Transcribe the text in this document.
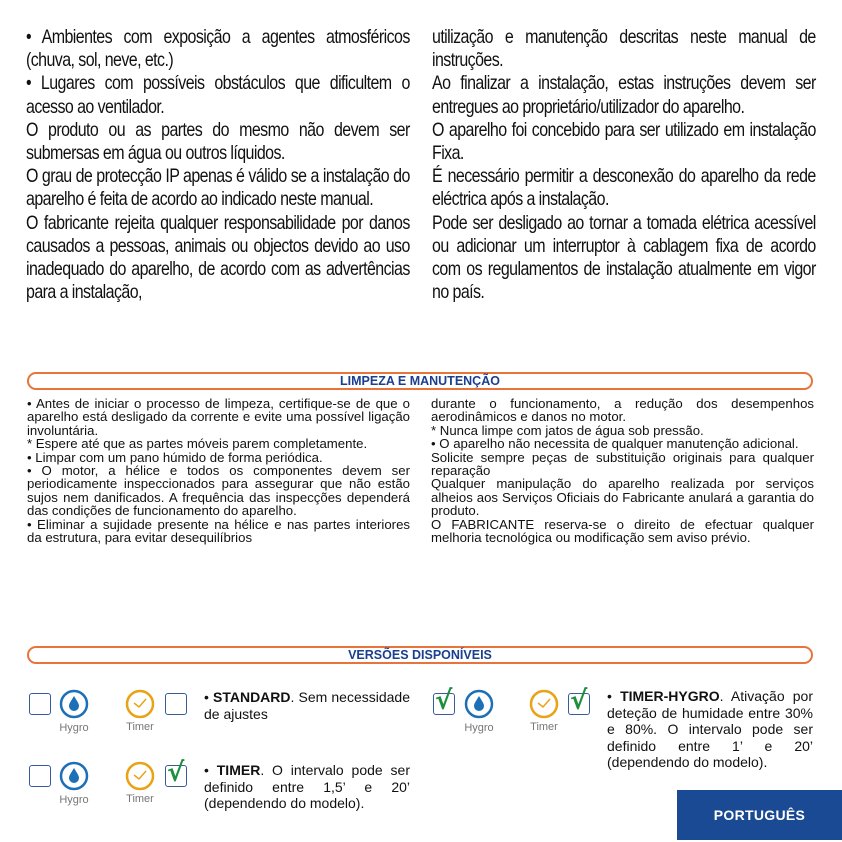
• Ambientes com exposição a agentes atmosféricos (chuva, sol, neve, etc.)

• Lugares com possíveis obstáculos que dificultem o acesso ao ventilador.

O produto ou as partes do mesmo não devem ser submersas em água ou outros líquidos.

O grau de protecção IP apenas é válido se a instalação do aparelho é feita de acordo ao indicado neste manual.

O fabricante rejeita qualquer responsabilidade por danos causados a pessoas, animais ou objectos devido ao uso inadequado do aparelho, de acordo com as advertências para a instalação,

utilização e manutenção descritas neste manual de instruções.

Ao finalizar a instalação, estas instruções devem ser entregues ao proprietário/utilizador do aparelho.

O aparelho foi concebido para ser utilizado em instalação Fixa.

É necessário permitir a desconexão do aparelho da rede eléctrica após a instalação.

Pode ser desligado ao tornar a tomada elétrica acessível ou adicionar um interruptor à cablagem fixa de acordo com os regulamentos de instalação atualmente em vigor no país.

LIMPEZA E MANUTENÇÃO

• Antes de iniciar o processo de limpeza, certifique-se de que o aparelho está desligado da corrente e evite uma possível ligação involuntária.

* Espere até que as partes móveis parem completamente.

• Limpar com um pano húmido de forma periódica.

• O motor, a hélice e todos os componentes devem ser periodicamente inspeccionados para assegurar que não estão sujos nem danificados. A frequência das inspecções dependerá das condições de funcionamento do aparelho.

• Eliminar a sujidade presente na hélice e nas partes interiores da estrutura, para evitar desequilíbrios

durante o funcionamento, a redução dos desempenhos aerodinâmicos e danos no motor.

* Nunca limpe com jatos de água sob pressão.

• O aparelho não necessita de qualquer manutenção adicional.

Solicite sempre peças de substituição originais para qualquer reparação

Qualquer manipulação do aparelho realizada por serviços alheios aos Serviços Oficiais do Fabricante anulará a garantia do produto.

O FABRICANTE reserva-se o direito de efectuar qualquer melhoria tecnológica ou modificação sem aviso prévio.

VERSÕES DISPONÍVEIS
Hygro	Timer
• STANDARD. Sem necessidade de ajustes
Hygro	Timer
√ • TIMER. O intervalo pode ser definido entre 1,5’ e 20’ (dependendo do modelo).
√
Hygro	Timer
√ • TIMER-HYGRO. Ativação por deteção de humidade entre 30% e 80%. O intervalo pode ser definido entre 1’ e 20’ (dependendo do modelo).
PORTUGUÊS
